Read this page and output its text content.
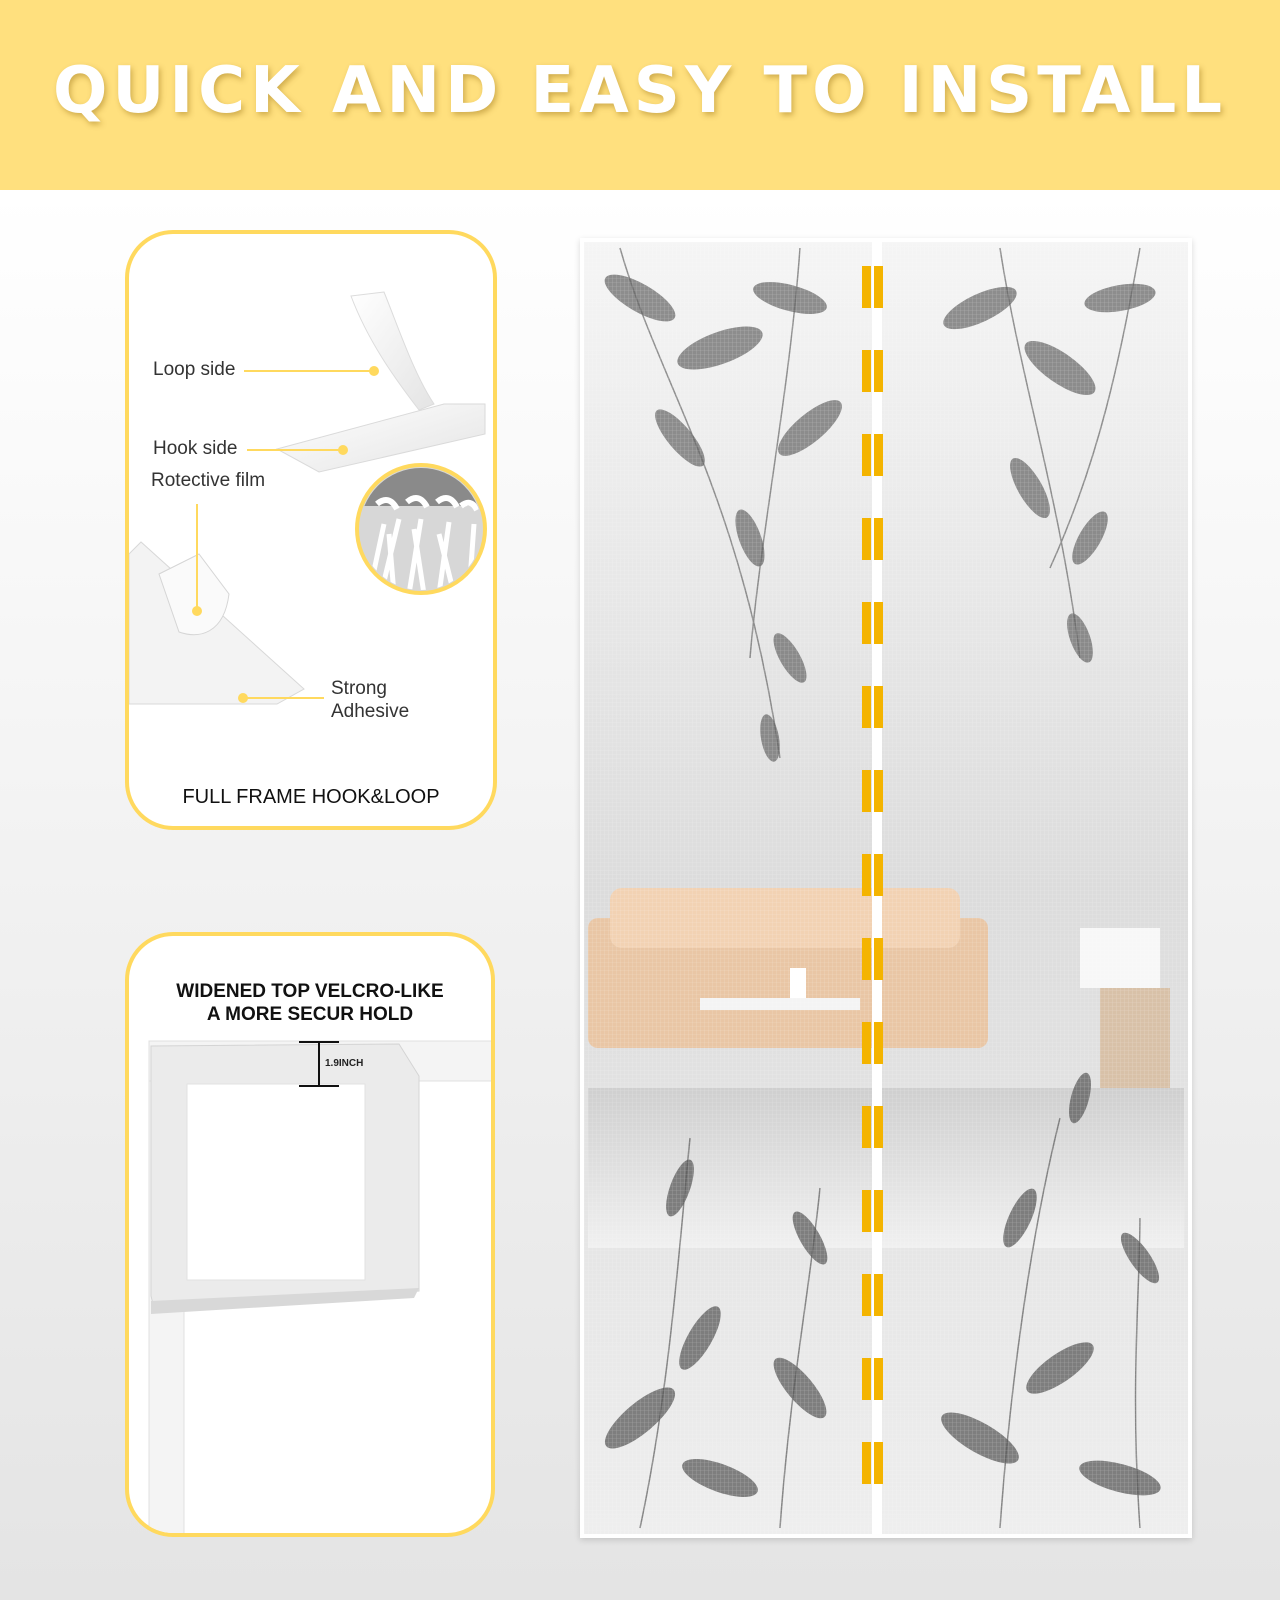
QUICK AND EASY TO INSTALL
Loop side
Hook side
Rotective film
Strong
Adhesive
FULL FRAME HOOK&LOOP
WIDENED TOP VELCRO-LIKE
A MORE SECUR HOLD
1.9INCH
